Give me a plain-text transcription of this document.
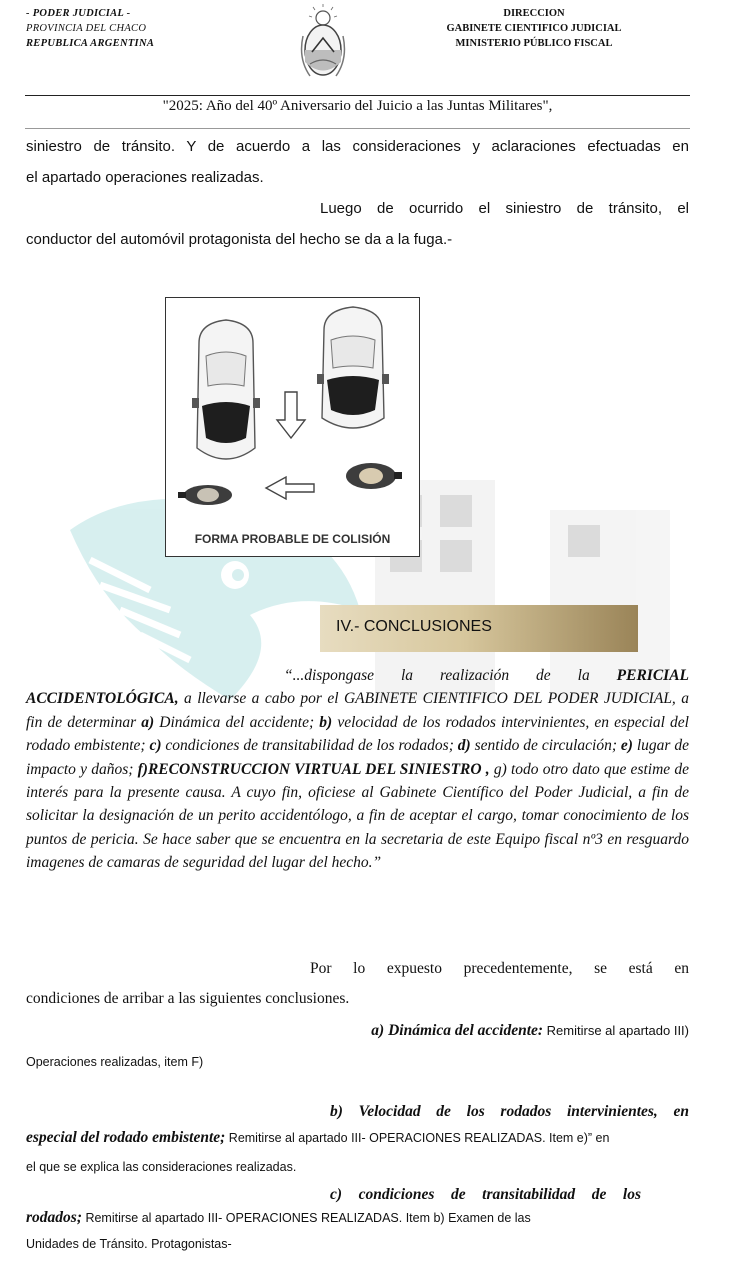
- PODER JUDICIAL -
PROVINCIA DEL CHACO
REPUBLICA ARGENTINA
DIRECCION
GABINETE CIENTIFICO JUDICIAL
MINISTERIO PÚBLICO FISCAL
"2025: Año del 40º Aniversario del Juicio a las Juntas Militares",
siniestro de tránsito. Y de acuerdo a las consideraciones y aclaraciones efectuadas en
el apartado operaciones realizadas.
Luego de ocurrido el siniestro de tránsito, el
conductor del automóvil protagonista del hecho se da a la fuga.-
FORMA PROBABLE DE COLISIÓN
IV.- CONCLUSIONES
“...dispongase la realización de la PERICIAL ACCIDENTOLÓGICA, a llevarse a cabo por el GABINETE CIENTIFICO DEL PODER JUDICIAL, a fin de determinar a) Dinámica del accidente; b) velocidad de los rodados intervinientes, en especial del rodado embistente; c) condiciones de transitabilidad de los rodados; d) sentido de circulación; e) lugar de impacto y daños; f)RECONSTRUCCION VIRTUAL DEL SINIESTRO , g) todo otro dato que estime de interés para la presente causa. A cuyo fin, oficiese al Gabinete Científico del Poder Judicial, a fin de solicitar la designación de un perito accidentólogo, a fin de aceptar el cargo, tomar conocimiento de los puntos de pericia. Se hace saber que se encuentra en la secretaria de este Equipo fiscal nº3 en resguardo imagenes de camaras de seguridad del lugar del hecho.”
Por lo expuesto precedentemente, se está en
condiciones de arribar a las siguientes conclusiones.
a) Dinámica del accidente: Remitirse al apartado III)
Operaciones realizadas, item F)
b) Velocidad de los rodados intervinientes, en
especial del rodado embistente; Remitirse al apartado III- OPERACIONES REALIZADAS. Item e)” en
el que se explica las consideraciones realizadas.
c) condiciones de transitabilidad de los
rodados; Remitirse al apartado III- OPERACIONES REALIZADAS. Item b) Examen de las
Unidades de Tránsito. Protagonistas-
